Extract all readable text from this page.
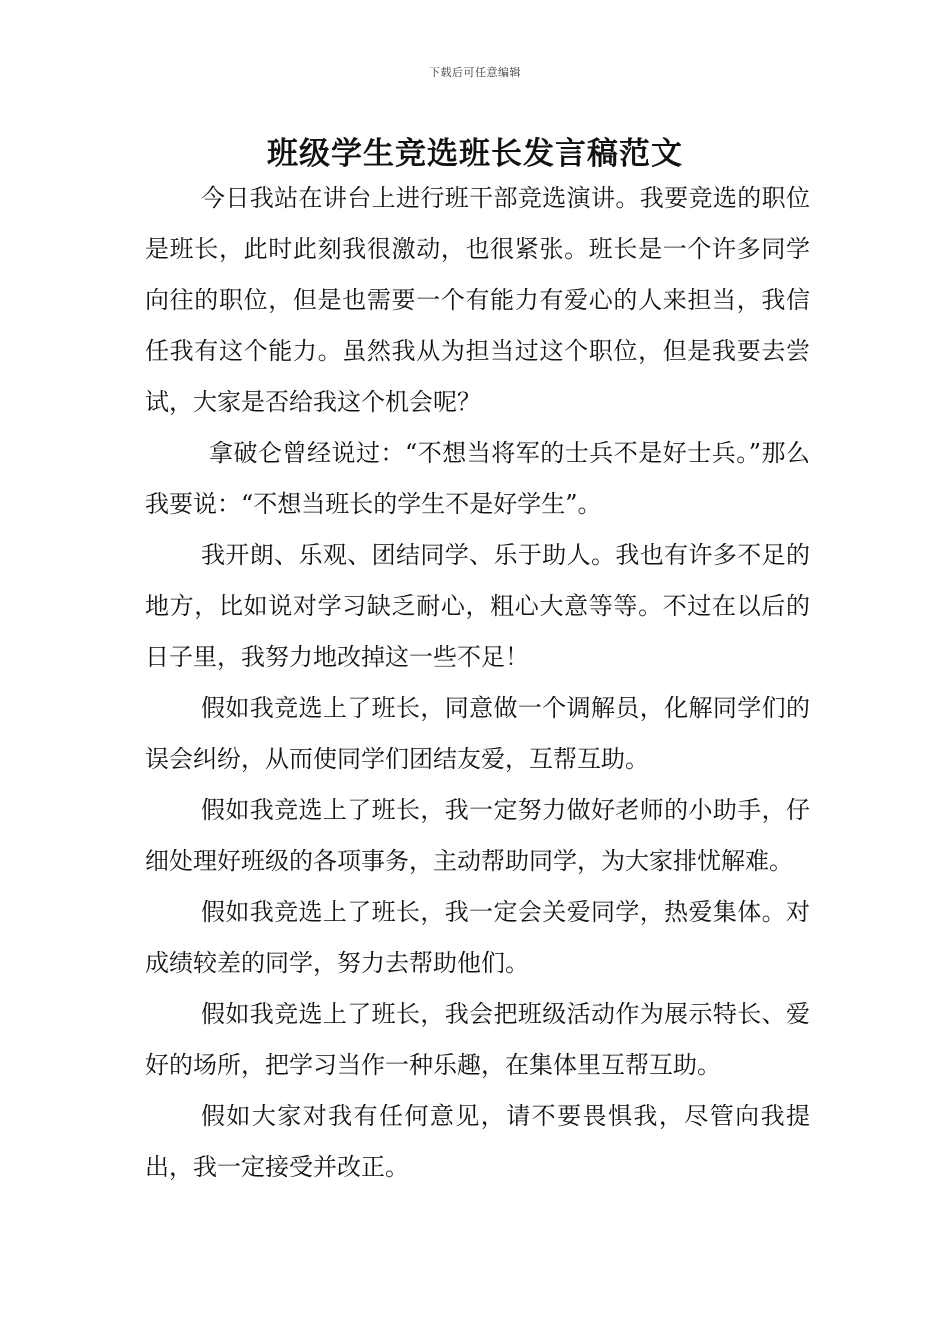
下载后可任意编辑
班级学生竞选班长发言稿范文

今日我站在讲台上进行班干部竞选演讲。我要竞选的职位是班长，此时此刻我很激动，也很紧张。班长是一个许多同学向往的职位，但是也需要一个有能力有爱心的人来担当，我信任我有这个能力。虽然我从为担当过这个职位，但是我要去尝试，大家是否给我这个机会呢？

拿破仑曾经说过：“不想当将军的士兵不是好士兵。”那么我要说：“不想当班长的学生不是好学生”。

我开朗、乐观、团结同学、乐于助人。我也有许多不足的地方，比如说对学习缺乏耐心，粗心大意等等。不过在以后的日子里，我努力地改掉这一些不足！

假如我竞选上了班长，同意做一个调解员，化解同学们的误会纠纷，从而使同学们团结友爱，互帮互助。

假如我竞选上了班长，我一定努力做好老师的小助手，仔细处理好班级的各项事务，主动帮助同学，为大家排忧解难。

假如我竞选上了班长，我一定会关爱同学，热爱集体。对成绩较差的同学，努力去帮助他们。

假如我竞选上了班长，我会把班级活动作为展示特长、爱好的场所，把学习当作一种乐趣，在集体里互帮互助。

假如大家对我有任何意见，请不要畏惧我，尽管向我提出，我一定接受并改正。
